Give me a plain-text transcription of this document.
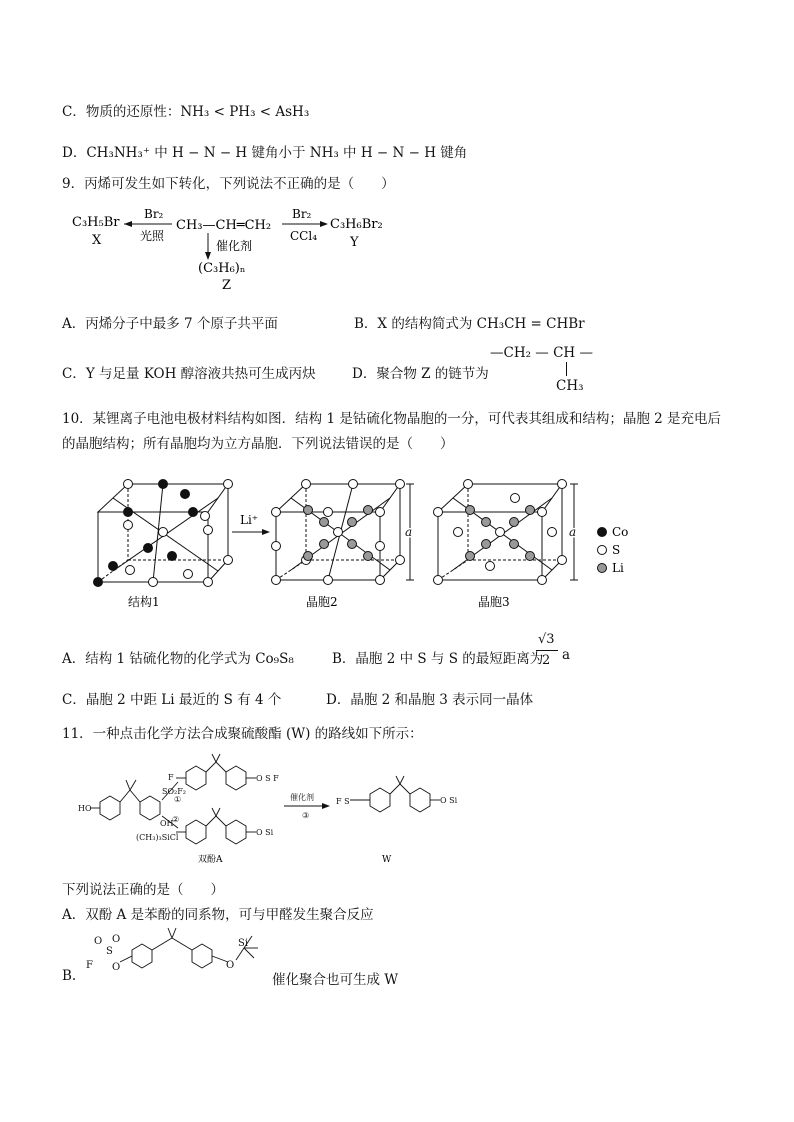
C．物质的还原性：NH₃ < PH₃ < AsH₃
D．CH₃NH₃⁺ 中 H − N − H 键角小于 NH₃ 中 H − N − H 键角
9．丙烯可发生如下转化，下列说法不正确的是（　　）
C₃H₅Br
X
Br₂
光照
CH₃—CH═CH₂
Br₂
CCl₄
C₃H₆Br₂
Y
催化剂
(C₃H₆)ₙ
Z
A．丙烯分子中最多 7 个原子共平面	B．X 的结构简式为 CH₃CH = CHBr
C．Y 与足量 KOH 醇溶液共热可生成丙炔	D．聚合物 Z 的链节为
—CH₂ — CH —
CH₃
10．某锂离子电池电极材料结构如图．结构 1 是钴硫化物晶胞的一分，可代表其组成和结构；晶胞 2 是充电后
的晶胞结构；所有晶胞均为立方晶胞．下列说法错误的是（　　）
结构1
Li⁺
晶胞2
a
晶胞3
a	Co
S
Li
A．结构 1 钴硫化物的化学式为 Co₉S₈	B．晶胞 2 中 S 与 S 的最短距离为
√3
2 a
C．晶胞 2 中距 Li 最近的 S 有 4 个	D．晶胞 2 和晶胞 3 表示同一晶体
11．一种点击化学方法合成聚硫酸酯 (W) 的路线如下所示：
HO
SO₂F₂
①
OH
(CH₃)₃SiCl
②
F	O S F
O Si
催化剂
③
F S	O Si
双酚A	W
下列说法正确的是（　　）
A．双酚 A 是苯酚的同系物，可与甲醛发生聚合反应
B.
O
S
O
F O	O
Si
催化聚合也可生成 W
